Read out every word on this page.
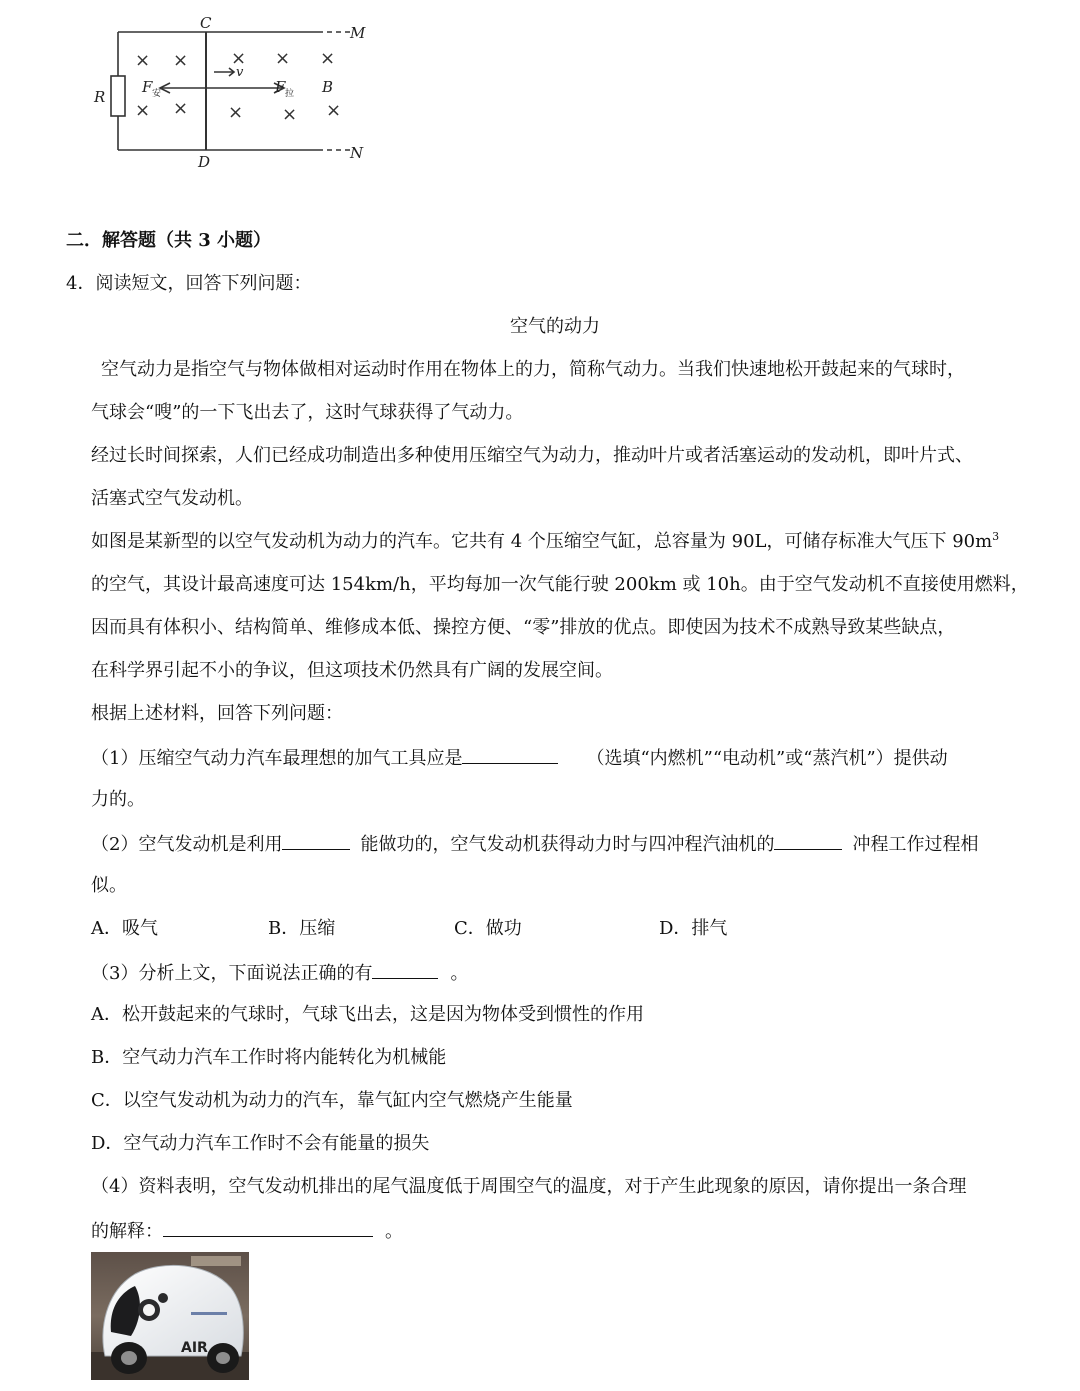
C
D
M
N
R
B
v
F 安	F 拉
× × × × ×
× × × × ×
二．解答题（共 3 小题）
4．阅读短文，回答下列问题：
空气的动力
空气动力是指空气与物体做相对运动时作用在物体上的力，简称气动力。当我们快速地松开鼓起来的气球时，
气球会“嗖”的一下飞出去了，这时气球获得了气动力。
经过长时间探索，人们已经成功制造出多种使用压缩空气为动力，推动叶片或者活塞运动的发动机，即叶片式、
活塞式空气发动机。
如图是某新型的以空气发动机为动力的汽车。它共有 4 个压缩空气缸，总容量为 90L，可储存标准大气压下 $90m^3$
的空气，其设计最高速度可达 154km/h，平均每加一次气能行驶 200km 或 10h。由于空气发动机不直接使用燃料，
因而具有体积小、结构简单、维修成本低、操控方便、“零”排放的优点。即使因为技术不成熟导致某些缺点，
在科学界引起不小的争议，但这项技术仍然具有广阔的发展空间。
根据上述材料，回答下列问题：
（1）压缩空气动力汽车最理想的加气工具应是	（选填“内燃机”“电动机”或“蒸汽机”）提供动
力的。
（2）空气发动机是利用	能做功的，空气发动机获得动力时与四冲程汽油机的	冲程工作过程相
似。
A．吸气	B．压缩	C．做功	D．排气
（3）分析上文，下面说法正确的有	。
A．松开鼓起来的气球时，气球飞出去，这是因为物体受到惯性的作用
B．空气动力汽车工作时将内能转化为机械能
C．以空气发动机为动力的汽车，靠气缸内空气燃烧产生能量
D．空气动力汽车工作时不会有能量的损失
（4）资料表明，空气发动机排出的尾气温度低于周围空气的温度，对于产生此现象的原因，请你提出一条合理
的解释：	。
AIR
